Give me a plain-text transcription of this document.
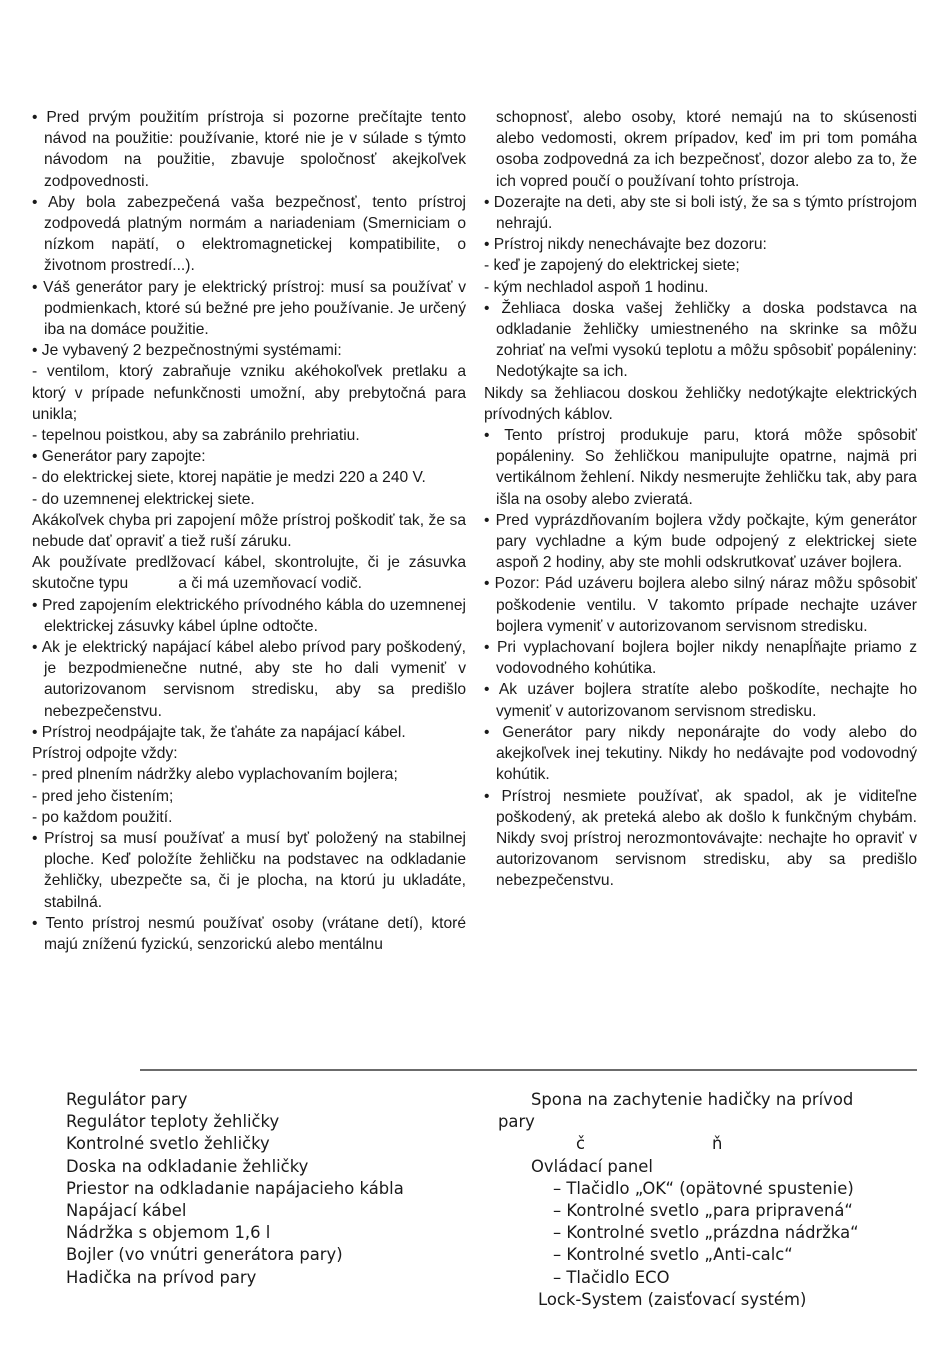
• Pred prvým použitím prístroja si pozorne prečítajte tento návod na použitie: používanie, ktoré nie je v súlade s týmto návodom na použitie, zbavuje spoločnosť akejkoľvek zodpovednosti.

• Aby bola zabezpečená vaša bezpečnosť, tento prístroj zodpovedá platným normám a nariadeniam (Smerniciam o nízkom napätí, o elektromagnetickej kompatibilite, o životnom prostredí...).

• Váš generátor pary je elektrický prístroj: musí sa používať v podmienkach, ktoré sú bežné pre jeho používanie. Je určený iba na domáce použitie.

• Je vybavený 2 bezpečnostnými systémami:

- ventilom, ktorý zabraňuje vzniku akéhokoľvek pretlaku a ktorý v prípade nefunkčnosti umožní, aby prebytočná para unikla;

- tepelnou poistkou, aby sa zabránilo prehriatiu.

• Generátor pary zapojte:

- do elektrickej siete, ktorej napätie je medzi 220 a 240 V.

- do uzemnenej elektrickej siete.

Akákoľvek chyba pri zapojení môže prístroj poškodiť tak, že sa nebude dať opraviť a tiež ruší záruku.

Ak používate predlžovací kábel, skontrolujte, či je zásuvka skutočne typu	a či má uzemňovací vodič.

• Pred zapojením elektrického prívodného kábla do uzemnenej elektrickej zásuvky kábel úplne odtočte.

• Ak je elektrický napájací kábel alebo prívod pary poškodený, je bezpodmienečne nutné, aby ste ho dali vymeniť v autorizovanom servisnom stredisku, aby sa predišlo nebezpečenstvu.

• Prístroj neodpájajte tak, že ťaháte za napájací kábel.

Prístroj odpojte vždy:

- pred plnením nádržky alebo vyplachovaním bojlera;

- pred jeho čistením;

- po každom použití.

• Prístroj sa musí používať a musí byť položený na stabilnej ploche. Keď položíte žehličku na podstavec na odkladanie žehličky, ubezpečte sa, či je plocha, na ktorú ju ukladáte, stabilná.

• Tento prístroj nesmú používať osoby (vrátane detí), ktoré majú zníženú fyzickú, senzorickú alebo mentálnu

schopnosť, alebo osoby, ktoré nemajú na to skúsenosti alebo vedomosti, okrem prípadov, keď im pri tom pomáha osoba zodpovedná za ich bezpečnosť, dozor alebo za to, že ich vopred poučí o používaní tohto prístroja.

• Dozerajte na deti, aby ste si boli istý, že sa s týmto prístrojom nehrajú.

• Prístroj nikdy nenechávajte bez dozoru:

- keď je zapojený do elektrickej siete;

- kým nechladol aspoň 1 hodinu.

• Žehliaca doska vašej žehličky a doska podstavca na odkladanie žehličky umiestneného na skrinke sa môžu zohriať na veľmi vysokú teplotu a môžu spôsobiť popáleniny: Nedotýkajte sa ich.

Nikdy sa žehliacou doskou žehličky nedotýkajte elektrických prívodných káblov.

• Tento prístroj produkuje paru, ktorá môže spôsobiť popáleniny. So žehličkou manipulujte opatrne, najmä pri vertikálnom žehlení. Nikdy nesmerujte žehličku tak, aby para išla na osoby alebo zvieratá.

• Pred vyprázdňovaním bojlera vždy počkajte, kým generátor pary vychladne a kým bude odpojený z elektrickej siete aspoň 2 hodiny, aby ste mohli odskrutkovať uzáver bojlera.

• Pozor: Pád uzáveru bojlera alebo silný náraz môžu spôsobiť poškodenie ventilu. V takomto prípade nechajte uzáver bojlera vymeniť v autorizovanom servisnom stredisku.

• Pri vyplachovaní bojlera bojler nikdy nenapĺňajte priamo z vodovodného kohútika.

• Ak uzáver bojlera stratíte alebo poškodíte, nechajte ho vymeniť v autorizovanom servisnom stredisku.

• Generátor pary nikdy neponárajte do vody alebo do akejkoľvek inej tekutiny. Nikdy ho nedávajte pod vodovodný kohútik.

• Prístroj nesmiete používať, ak spadol, ak je viditeľne poškodený, ak preteká alebo ak došlo k funkčným chybám. Nikdy svoj prístroj nerozmontovávajte: nechajte ho opraviť v autorizovanom servisnom stredisku, aby sa predišlo nebezpečenstvu.

Regulátor pary

Regulátor teploty žehličky

Kontrolné svetlo žehličky

Doska na odkladanie žehličky

Priestor na odkladanie napájacieho kábla

Napájací kábel

Nádržka s objemom 1,6 l

Bojler (vo vnútri generátora pary)

Hadička na prívod pary

Spona na zachytenie hadičky na prívod

pary

č	ň

Ovládací panel

– Tlačidlo „OK“ (opätovné spustenie)

– Kontrolné svetlo „para pripravená“

– Kontrolné svetlo „prázdna nádržka“

– Kontrolné svetlo „Anti-calc“

– Tlačidlo ECO

Lock-System (zaisťovací systém)
